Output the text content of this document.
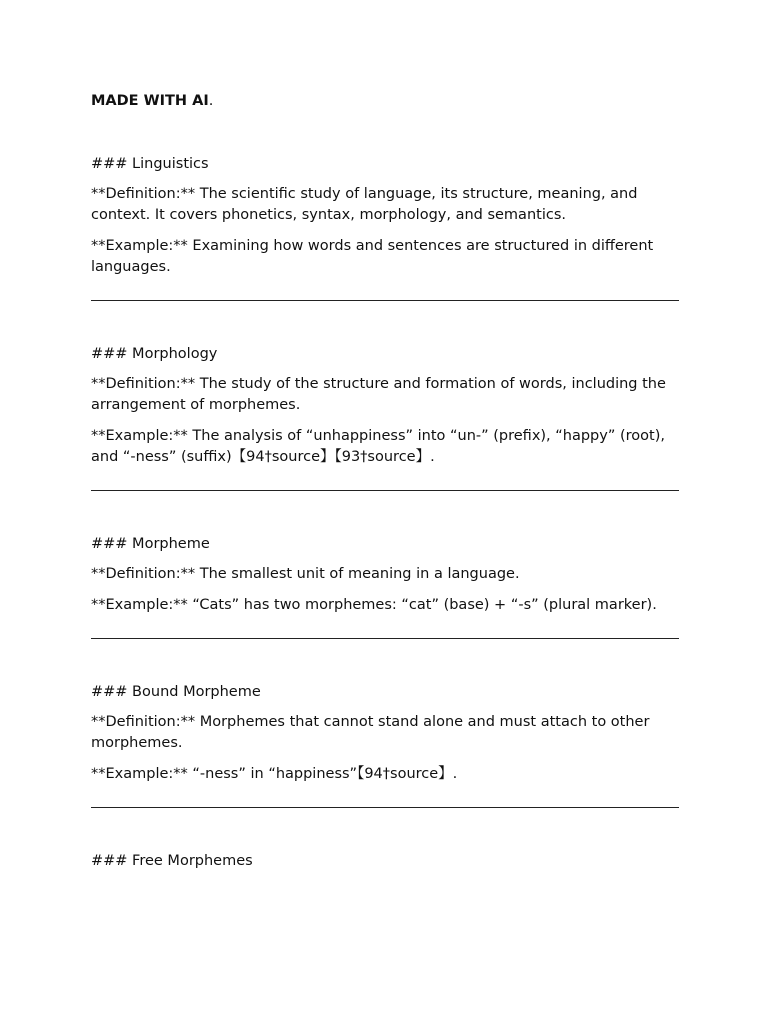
MADE WITH AI.

### Linguistics

**Definition:** The scientific study of language, its structure, meaning, and context. It covers phonetics, syntax, morphology, and semantics.

**Example:** Examining how words and sentences are structured in different languages.

### Morphology

**Definition:** The study of the structure and formation of words, including the arrangement of morphemes.

**Example:** The analysis of “unhappiness” into “un-” (prefix), “happy” (root), and “-ness” (suffix)【94†source】【93†source】.

### Morpheme

**Definition:** The smallest unit of meaning in a language.

**Example:** “Cats” has two morphemes: “cat” (base) + “-s” (plural marker).

### Bound Morpheme

**Definition:** Morphemes that cannot stand alone and must attach to other morphemes.

**Example:** “-ness” in “happiness”【94†source】.

### Free Morphemes
